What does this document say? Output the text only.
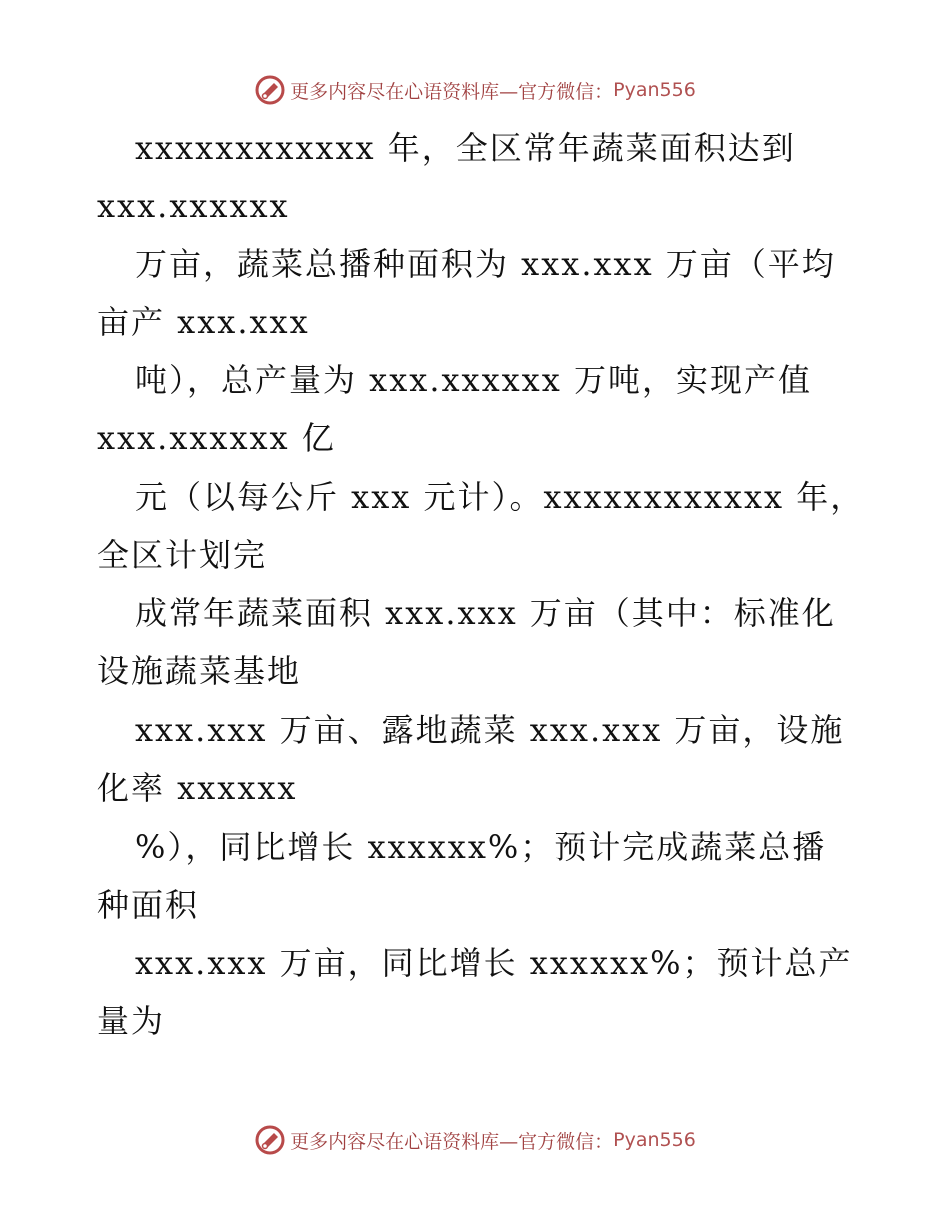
更多内容尽在心语资料库—官方微信： Pyan556
xxxxxxxxxxxx 年，全区常年蔬菜面积达到
xxx.xxxxxx
万亩，蔬菜总播种面积为 xxx.xxx 万亩（平均
亩产 xxx.xxx
吨），总产量为 xxx.xxxxxx 万吨，实现产值
xxx.xxxxxx 亿
元（以每公斤 xxx 元计）。xxxxxxxxxxxx 年，
全区计划完
成常年蔬菜面积 xxx.xxx 万亩（其中：标准化
设施蔬菜基地
xxx.xxx 万亩、露地蔬菜 xxx.xxx 万亩，设施
化率 xxxxxx
%），同比增长 xxxxxx%；预计完成蔬菜总播
种面积
xxx.xxx 万亩，同比增长 xxxxxx%；预计总产
量为
更多内容尽在心语资料库—官方微信： Pyan556
